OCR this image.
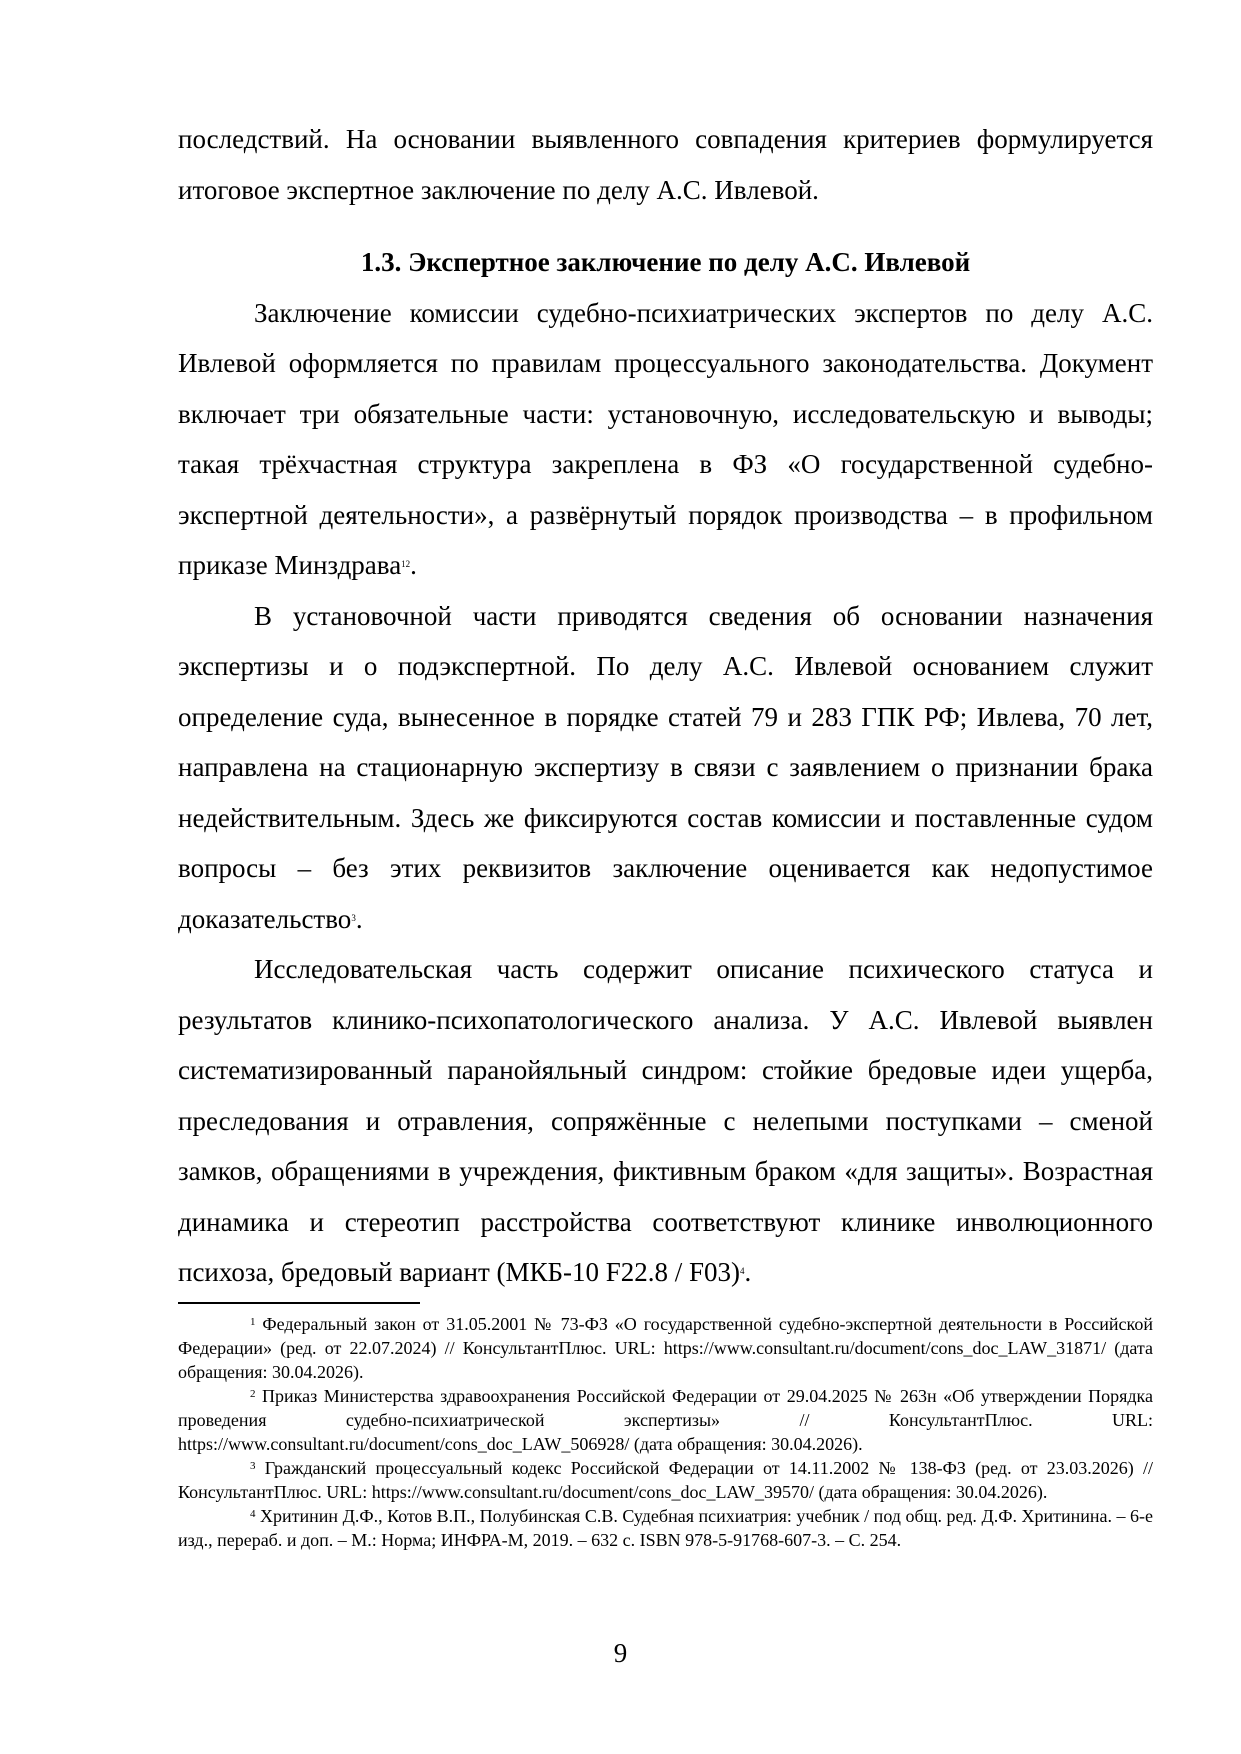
последствий. На основании выявленного совпадения критериев формулируется итоговое экспертное заключение по делу А.С. Ивлевой.

1.3. Экспертное заключение по делу А.С. Ивлевой

Заключение комиссии судебно-психиатрических экспертов по делу А.С. Ивлевой оформляется по правилам процессуального законодательства. Документ включает три обязательные части: установочную, исследовательскую и выводы; такая трёхчастная структура закреплена в ФЗ «О государственной судебно-экспертной деятельности», а развёрнутый порядок производства – в профильном приказе Минздрава$^{12}$.

В установочной части приводятся сведения об основании назначения экспертизы и о подэкспертной. По делу А.С. Ивлевой основанием служит определение суда, вынесенное в порядке статей 79 и 283 ГПК РФ; Ивлева, 70 лет, направлена на стационарную экспертизу в связи с заявлением о признании брака недействительным. Здесь же фиксируются состав комиссии и поставленные судом вопросы – без этих реквизитов заключение оценивается как недопустимое доказательство$^3$.

Исследовательская часть содержит описание психического статуса и результатов клинико-психопатологического анализа. У А.С. Ивлевой выявлен систематизированный паранойяльный синдром: стойкие бредовые идеи ущерба, преследования и отравления, сопряжённые с нелепыми поступками – сменой замков, обращениями в учреждения, фиктивным браком «для защиты». Возрастная динамика и стереотип расстройства соответствуют клинике инволюционного психоза, бредовый вариант (МКБ-10 F22.8 / F03)$^4$.

$^1$ Федеральный закон от 31.05.2001 № 73-ФЗ «О государственной судебно-экспертной деятельности в Российской Федерации» (ред. от 22.07.2024) // КонсультантПлюс. URL: https://www.consultant.ru/document/cons_doc_LAW_31871/ (дата обращения: 30.04.2026).

$^2$ Приказ Министерства здравоохранения Российской Федерации от 29.04.2025 № 263н «Об утверждении Порядка проведения судебно-психиатрической экспертизы» // КонсультантПлюс. URL: https://www.consultant.ru/document/cons_doc_LAW_506928/ (дата обращения: 30.04.2026).

$^3$ Гражданский процессуальный кодекс Российской Федерации от 14.11.2002 № 138-ФЗ (ред. от 23.03.2026) // КонсультантПлюс. URL: https://www.consultant.ru/document/cons_doc_LAW_39570/ (дата обращения: 30.04.2026).

$^4$ Хритинин Д.Ф., Котов В.П., Полубинская С.В. Судебная психиатрия: учебник / под общ. ред. Д.Ф. Хритинина. – 6-е изд., перераб. и доп. – М.: Норма; ИНФРА-М, 2019. – 632 с. ISBN 978-5-91768-607-3. – С. 254.

9
